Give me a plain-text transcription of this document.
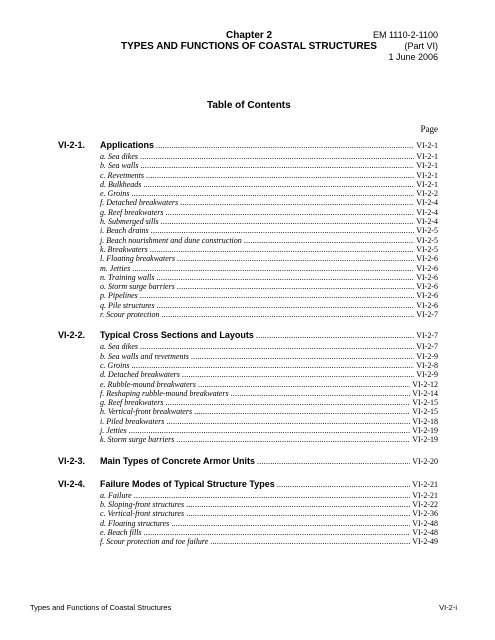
Chapter 2
TYPES AND FUNCTIONS OF COASTAL STRUCTURES
EM 1110-2-1100
(Part VI)
1 June 2006
Table of Contents
Page
VI-2-1.	Applications .....	VI-2-1
a. Sea dikes .....	VI-2-1
b. Sea walls .....	VI-2-1
c. Revetments .....	VI-2-1
d. Bulkheads .....	VI-2-1
e. Groins .....	VI-2-2
f. Detached breakwaters .....	VI-2-4
g. Reef breakwaters .....	VI-2-4
h. Submerged sills .....	VI-2-4
i. Beach drains .....	VI-2-5
j. Beach nourishment and dune construction .....	VI-2-5
k. Breakwaters .....	VI-2-5
l. Floating breakwaters .....	VI-2-6
m. Jetties .....	VI-2-6
n. Training walls .....	VI-2-6
o. Storm surge barriers .....	VI-2-6
p. Pipelines .....	VI-2-6
q. Pile structures .....	VI-2-6
r. Scour protection .....	VI-2-7
VI-2-2.	Typical Cross Sections and Layouts .....	VI-2-7
a. Sea dikes .....	VI-2-7
b. Sea walls and revetments .....	VI-2-9
c. Groins .....	VI-2-8
d. Detached breakwaters .....	VI-2-9
e. Rubble-mound breakwaters .....	VI-2-12
f. Reshaping rubble-mound breakwaters .....	VI-2-14
g. Reef breakwaters .....	VI-2-15
h. Vertical-front breakwaters .....	VI-2-15
i. Piled breakwaters .....	VI-2-18
j. Jetties .....	VI-2-19
k. Storm surge barriers .....	VI-2-19
VI-2-3.	Main Types of Concrete Armor Units .....	VI-2-20
VI-2-4.	Failure Modes of Typical Structure Types .....	VI-2-21
a. Failure .....	VI-2-21
b. Sloping-front structures .....	VI-2-22
c. Vertical-front structures .....	VI-2-36
d. Floating structures .....	VI-2-48
e. Beach fills .....	VI-2-48
f. Scour protection and toe failure .....	VI-2-49
Types and Functions of Coastal Structures	VI-2-i
